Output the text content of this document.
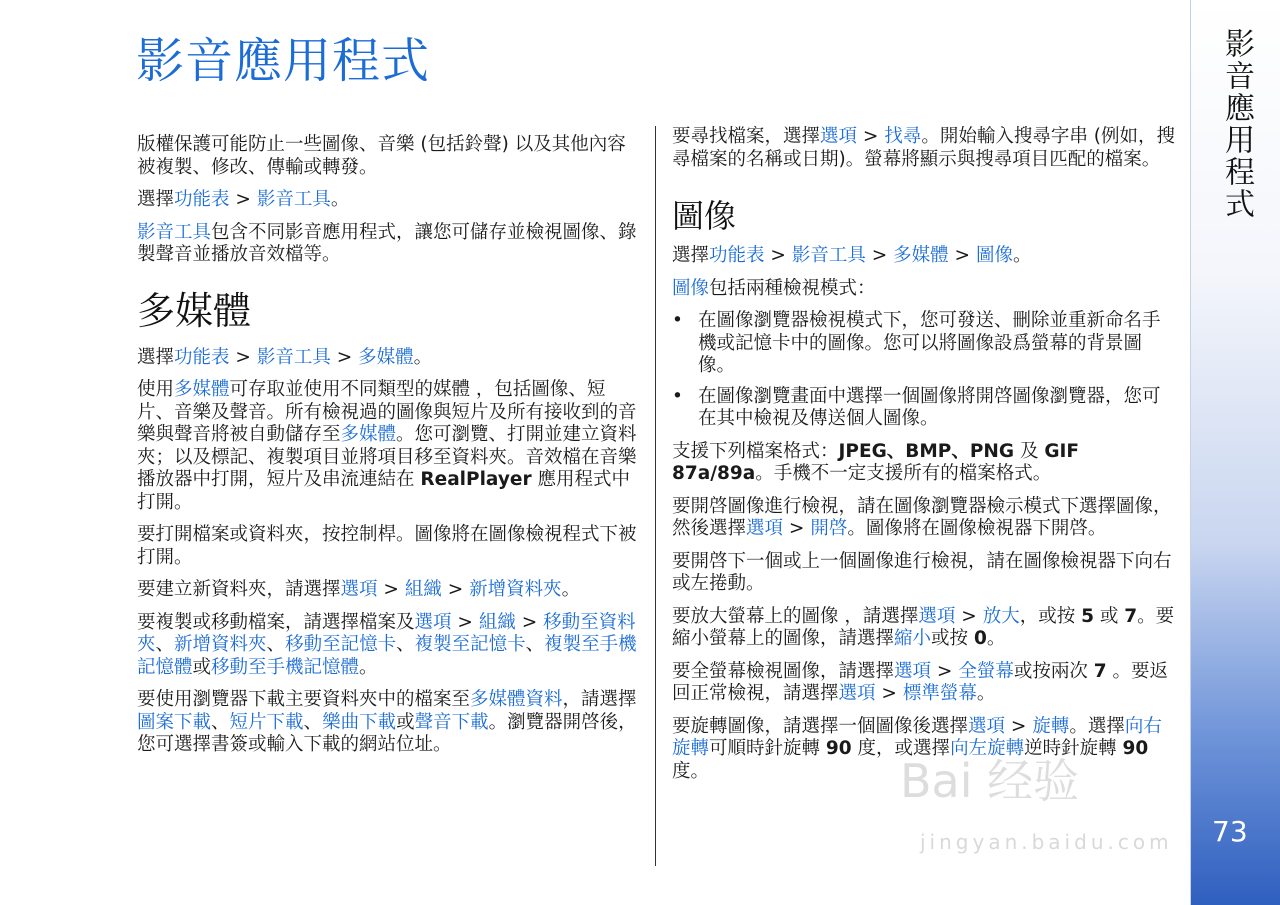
影音應用程式

版權保護可能防止一些圖像、音樂 (包括鈴聲) 以及其他內容被複製、修改、傳輸或轉發。

選擇功能表 > 影音工具。

影音工具包含不同影音應用程式，讓您可儲存並檢視圖像、錄製聲音並播放音效檔等。

多媒體

選擇功能表 > 影音工具 > 多媒體。

使用多媒體可存取並使用不同類型的媒體 ，包括圖像、短片、音樂及聲音。所有檢視過的圖像與短片及所有接收到的音樂與聲音將被自動儲存至多媒體。您可瀏覽、打開並建立資料夾；以及標記、複製項目並將項目移至資料夾。音效檔在音樂播放器中打開，短片及串流連結在 RealPlayer 應用程式中打開。

要打開檔案或資料夾，按控制桿。圖像將在圖像檢視程式下被打開。

要建立新資料夾，請選擇選項 > 組織 > 新增資料夾。

要複製或移動檔案，請選擇檔案及選項 > 組織 > 移動至資料夾、新增資料夾、移動至記憶卡、複製至記憶卡、複製至手機記憶體或移動至手機記憶體。

要使用瀏覽器下載主要資料夾中的檔案至多媒體資料，請選擇圖案下載、短片下載、樂曲下載或聲音下載。瀏覽器開啓後，您可選擇書簽或輸入下載的網站位址。

要尋找檔案，選擇選項 > 找尋。開始輸入搜尋字串 (例如，搜尋檔案的名稱或日期)。螢幕將顯示與搜尋項目匹配的檔案。

圖像

選擇功能表 > 影音工具 > 多媒體 > 圖像。

圖像包括兩種檢視模式：

• 在圖像瀏覽器檢視模式下，您可發送、刪除並重新命名手機或記憶卡中的圖像。您可以將圖像設爲螢幕的背景圖像。
• 在圖像瀏覽畫面中選擇一個圖像將開啓圖像瀏覽器，您可在其中檢視及傳送個人圖像。

支援下列檔案格式：JPEG、BMP、PNG 及 GIF 87a/89a。手機不一定支援所有的檔案格式。

要開啓圖像進行檢視，請在圖像瀏覽器檢示模式下選擇圖像，然後選擇選項 > 開啓。圖像將在圖像檢視器下開啓。

要開啓下一個或上一個圖像進行檢視，請在圖像檢視器下向右或左捲動。

要放大螢幕上的圖像 ，請選擇選項 > 放大，或按 5 或 7。要縮小螢幕上的圖像，請選擇縮小或按 0。

要全螢幕檢視圖像，請選擇選項 > 全螢幕或按兩次 7 。要返回正常檢視，請選擇選項 > 標準螢幕。

要旋轉圖像，請選擇一個圖像後選擇選項 > 旋轉。選擇向右旋轉可順時針旋轉 90 度，或選擇向左旋轉逆時針旋轉 90 度。

影音應用程式
73
Bai 经验
jingyan.baidu.com
